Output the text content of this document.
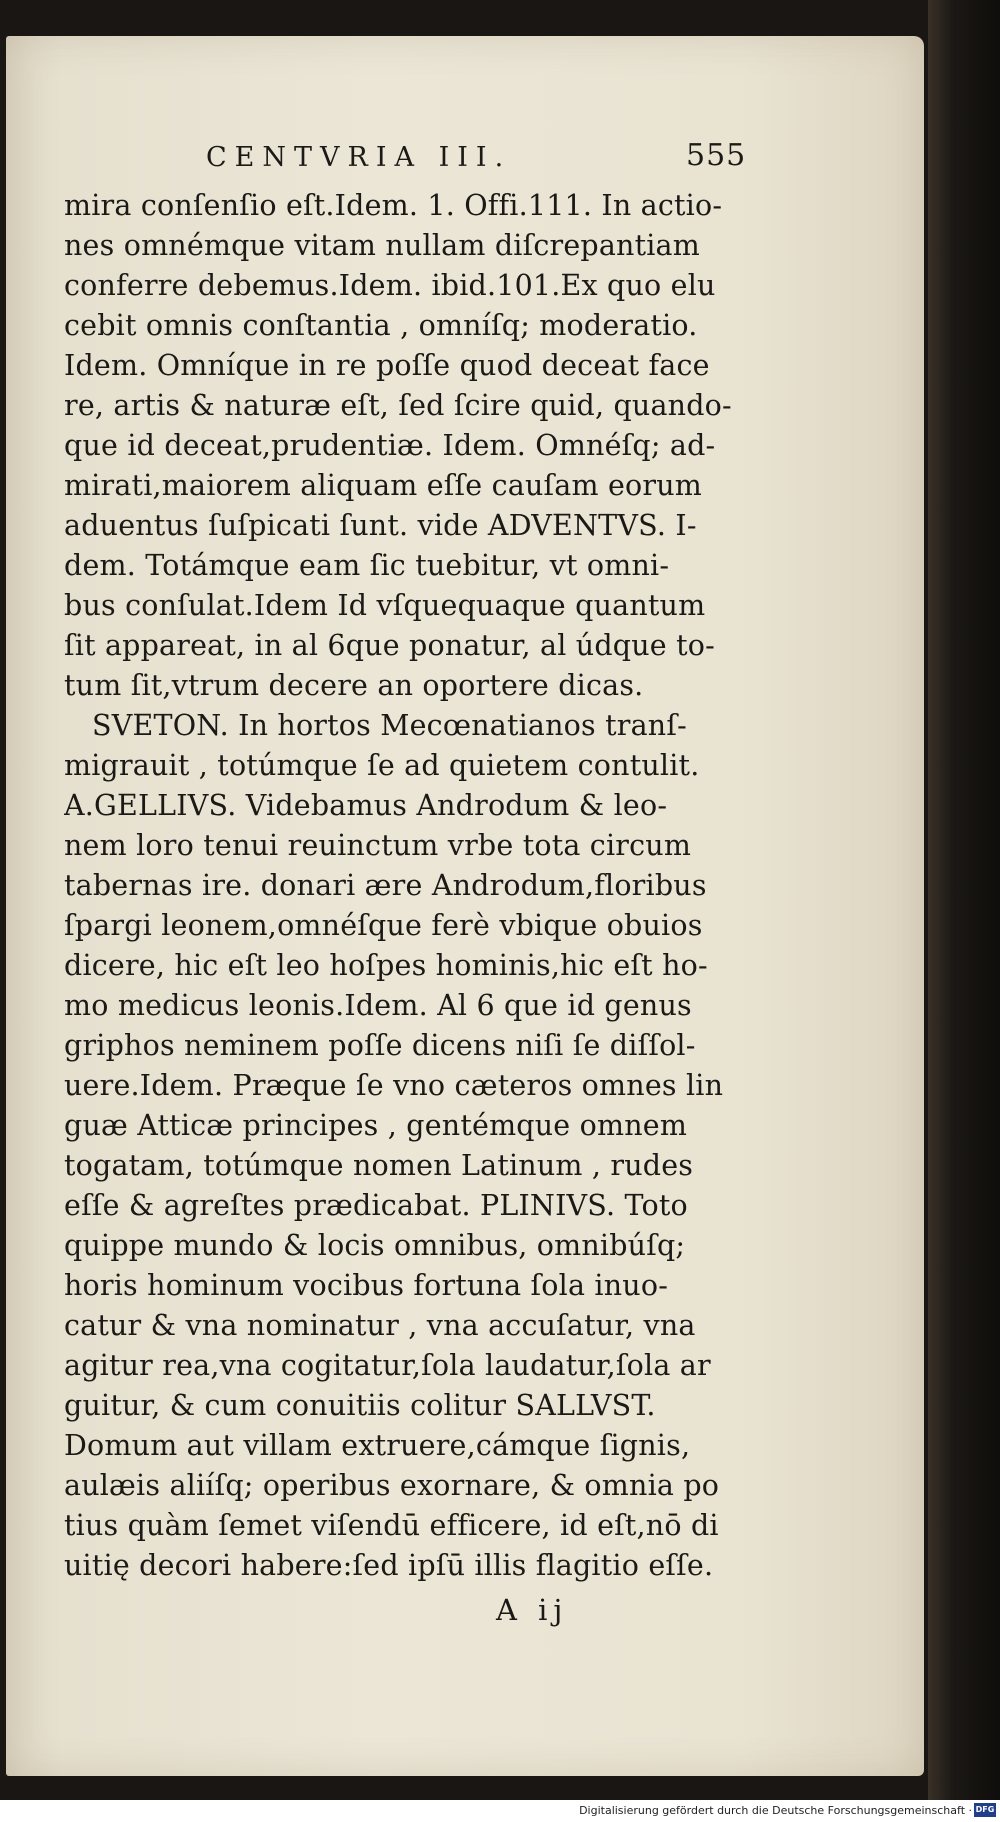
CENTVRIA III.	555
mira conſenſio eſt.Idem. 1. Offi.111. In actio-
nes omnémque vitam nullam diſcrepantiam
conferre debemus.Idem. ibid.101.Ex quo elu
cebit omnis conſtantia , omníſq; moderatio.
Idem. Omníque in re poſſe quod deceat face
re, artis & naturæ eſt, ſed ſcire quid, quando-
que id deceat,prudentiæ. Idem. Omnéſq; ad-
mirati,maiorem aliquam eſſe cauſam eorum
aduentus ſuſpicati ſunt. vide ADVENTVS. I-
dem. Totámque eam ſic tuebitur, vt omni-
bus conſulat.Idem Id vſquequaque quantum
ſit appareat, in al 6que ponatur, al údque to-
tum ſit,vtrum decere an oportere dicas.
SVETON. In hortos Mecœnatianos tranſ-
migrauit , totúmque ſe ad quietem contulit.
A.GELLIVS. Videbamus Androdum & leo-
nem loro tenui reuinctum vrbe tota circum
tabernas ire. donari ære Androdum,floribus
ſpargi leonem,omnéſque ferè vbique obuios
dicere, hic eſt leo hoſpes hominis,hic eſt ho-
mo medicus leonis.Idem. Al 6 que id genus
griphos neminem poſſe dicens niſi ſe diſſol-
uere.Idem. Præque ſe vno cæteros omnes lin
guæ Atticæ principes , gentémque omnem
togatam, totúmque nomen Latinum , rudes
eſſe & agreſtes prædicabat. PLINIVS. Toto
quippe mundo & locis omnibus, omnibúſq;
horis hominum vocibus fortuna ſola inuo-
catur & vna nominatur , vna accuſatur, vna
agitur rea,vna cogitatur,ſola laudatur,ſola ar
guitur, & cum conuitiis colitur SALLVST.
Domum aut villam extruere,cámque ſignis,
aulæis aliíſq; operibus exornare, & omnia po
tius quàm ſemet viſendū efficere, id eſt,nō di
uitię decori habere:ſed ipſū illis flagitio eſſe.
A ij
Digitalisierung gefördert durch die Deutsche Forschungsgemeinschaft · DFG
